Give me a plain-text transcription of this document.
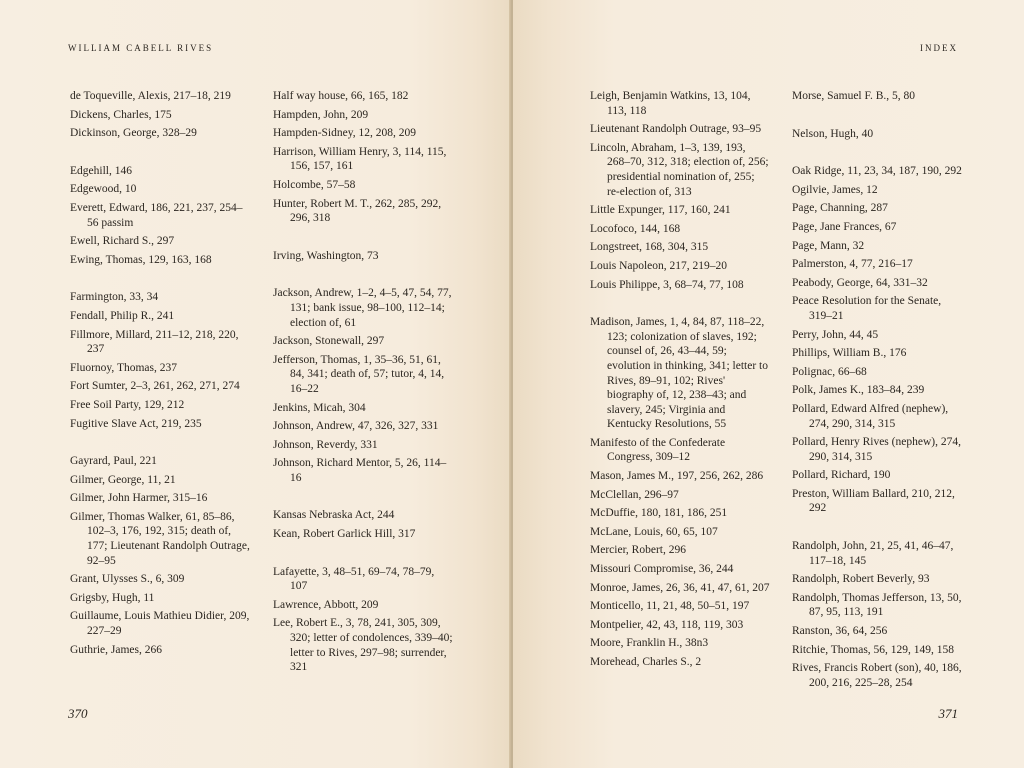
WILLIAM CABELL RIVES
de Toqueville, Alexis, 217–18, 219
Dickens, Charles, 175
Dickinson, George, 328–29
Edgehill, 146
Edgewood, 10
Everett, Edward, 186, 221, 237, 254–56 passim
Ewell, Richard S., 297
Ewing, Thomas, 129, 163, 168
Farmington, 33, 34
Fendall, Philip R., 241
Fillmore, Millard, 211–12, 218, 220, 237
Fluornoy, Thomas, 237
Fort Sumter, 2–3, 261, 262, 271, 274
Free Soil Party, 129, 212
Fugitive Slave Act, 219, 235
Gayrard, Paul, 221
Gilmer, George, 11, 21
Gilmer, John Harmer, 315–16
Gilmer, Thomas Walker, 61, 85–86, 102–3, 176, 192, 315; death of, 177; Lieutenant Randolph Outrage, 92–95
Grant, Ulysses S., 6, 309
Grigsby, Hugh, 11
Guillaume, Louis Mathieu Didier, 209, 227–29
Guthrie, James, 266
Half way house, 66, 165, 182
Hampden, John, 209
Hampden-Sidney, 12, 208, 209
Harrison, William Henry, 3, 114, 115, 156, 157, 161
Holcombe, 57–58
Hunter, Robert M. T., 262, 285, 292, 296, 318
Irving, Washington, 73
Jackson, Andrew, 1–2, 4–5, 47, 54, 77, 131; bank issue, 98–100, 112–14; election of, 61
Jackson, Stonewall, 297
Jefferson, Thomas, 1, 35–36, 51, 61, 84, 341; death of, 57; tutor, 4, 14, 16–22
Jenkins, Micah, 304
Johnson, Andrew, 47, 326, 327, 331
Johnson, Reverdy, 331
Johnson, Richard Mentor, 5, 26, 114–16
Kansas Nebraska Act, 244
Kean, Robert Garlick Hill, 317
Lafayette, 3, 48–51, 69–74, 78–79, 107
Lawrence, Abbott, 209
Lee, Robert E., 3, 78, 241, 305, 309, 320; letter of condolences, 339–40; letter to Rives, 297–98; surrender, 321
370
INDEX
Leigh, Benjamin Watkins, 13, 104, 113, 118
Lieutenant Randolph Outrage, 93–95
Lincoln, Abraham, 1–3, 139, 193, 268–70, 312, 318; election of, 256; presidential nomination of, 255; re-election of, 313
Little Expunger, 117, 160, 241
Locofoco, 144, 168
Longstreet, 168, 304, 315
Louis Napoleon, 217, 219–20
Louis Philippe, 3, 68–74, 77, 108
Madison, James, 1, 4, 84, 87, 118–22, 123; colonization of slaves, 192; counsel of, 26, 43–44, 59; evolution in thinking, 341; letter to Rives, 89–91, 102; Rives' biography of, 12, 238–43; and slavery, 245; Virginia and Kentucky Resolutions, 55
Manifesto of the Confederate Congress, 309–12
Mason, James M., 197, 256, 262, 286
McClellan, 296–97
McDuffie, 180, 181, 186, 251
McLane, Louis, 60, 65, 107
Mercier, Robert, 296
Missouri Compromise, 36, 244
Monroe, James, 26, 36, 41, 47, 61, 207
Monticello, 11, 21, 48, 50–51, 197
Montpelier, 42, 43, 118, 119, 303
Moore, Franklin H., 38n3
Morehead, Charles S., 2
Morse, Samuel F. B., 5, 80
Nelson, Hugh, 40
Oak Ridge, 11, 23, 34, 187, 190, 292
Ogilvie, James, 12
Page, Channing, 287
Page, Jane Frances, 67
Page, Mann, 32
Palmerston, 4, 77, 216–17
Peabody, George, 64, 331–32
Peace Resolution for the Senate, 319–21
Perry, John, 44, 45
Phillips, William B., 176
Polignac, 66–68
Polk, James K., 183–84, 239
Pollard, Edward Alfred (nephew), 274, 290, 314, 315
Pollard, Henry Rives (nephew), 274, 290, 314, 315
Pollard, Richard, 190
Preston, William Ballard, 210, 212, 292
Randolph, John, 21, 25, 41, 46–47, 117–18, 145
Randolph, Robert Beverly, 93
Randolph, Thomas Jefferson, 13, 50, 87, 95, 113, 191
Ranston, 36, 64, 256
Ritchie, Thomas, 56, 129, 149, 158
Rives, Francis Robert (son), 40, 186, 200, 216, 225–28, 254
371
